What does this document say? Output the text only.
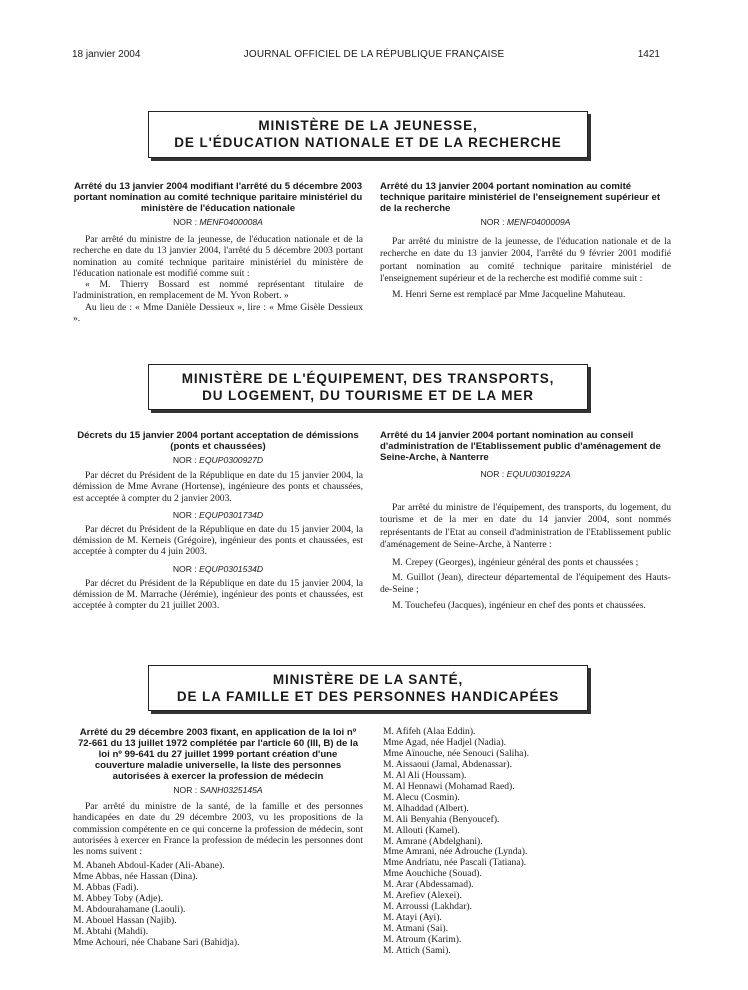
18 janvier 2004	JOURNAL OFFICIEL DE LA RÉPUBLIQUE FRANÇAISE	1421
MINISTÈRE DE LA JEUNESSE,
DE L'ÉDUCATION NATIONALE ET DE LA RECHERCHE
Arrêté du 13 janvier 2004 modifiant l'arrêté du 5 décembre 2003 portant nomination au comité technique paritaire ministériel du ministère de l'éducation nationale
NOR : MENF0400008A

Par arrêté du ministre de la jeunesse, de l'éducation nationale et de la recherche en date du 13 janvier 2004, l'arrêté du 5 décembre 2003 portant nomination au comité technique paritaire ministériel du ministère de l'éducation nationale est modifié comme suit :

« M. Thierry Bossard est nommé représentant titulaire de l'administration, en remplacement de M. Yvon Robert. »

Au lieu de : « Mme Danièle Dessieux », lire : « Mme Gisèle Dessieux ».

Arrêté du 13 janvier 2004 portant nomination au comité technique paritaire ministériel de l'enseignement supérieur et de la recherche
NOR : MENF0400009A

Par arrêté du ministre de la jeunesse, de l'éducation nationale et de la recherche en date du 13 janvier 2004, l'arrêté du 9 février 2001 modifié portant nomination au comité technique paritaire ministériel de l'enseignement supérieur et de la recherche est modifié comme suit :

M. Henri Serne est remplacé par Mme Jacqueline Mahuteau.

MINISTÈRE DE L'ÉQUIPEMENT, DES TRANSPORTS,
DU LOGEMENT, DU TOURISME ET DE LA MER
Décrets du 15 janvier 2004 portant acceptation de démissions (ponts et chaussées)
NOR : EQUP0300927D

Par décret du Président de la République en date du 15 janvier 2004, la démission de Mme Avrane (Hortense), ingénieure des ponts et chaussées, est acceptée à compter du 2 janvier 2003.

NOR : EQUP0301734D

Par décret du Président de la République en date du 15 janvier 2004, la démission de M. Kerneis (Grégoire), ingénieur des ponts et chaussées, est acceptée à compter du 4 juin 2003.

NOR : EQUP0301534D

Par décret du Président de la République en date du 15 janvier 2004, la démission de M. Marrache (Jérémie), ingénieur des ponts et chaussées, est acceptée à compter du 21 juillet 2003.

Arrêté du 14 janvier 2004 portant nomination au conseil d'administration de l'Etablissement public d'aménagement de Seine-Arche, à Nanterre
NOR : EQUU0301922A

Par arrêté du ministre de l'équipement, des transports, du logement, du tourisme et de la mer en date du 14 janvier 2004, sont nommés représentants de l'Etat au conseil d'administration de l'Etablissement public d'aménagement de Seine-Arche, à Nanterre :

M. Crepey (Georges), ingénieur général des ponts et chaussées ;

M. Guillot (Jean), directeur départemental de l'équipement des Hauts-de-Seine ;

M. Touchefeu (Jacques), ingénieur en chef des ponts et chaussées.

MINISTÈRE DE LA SANTÉ,
DE LA FAMILLE ET DES PERSONNES HANDICAPÉES
Arrêté du 29 décembre 2003 fixant, en application de la loi nº 72-661 du 13 juillet 1972 complétée par l'article 60 (III, B) de la loi nº 99-641 du 27 juillet 1999 portant création d'une couverture maladie universelle, la liste des personnes autorisées à exercer la profession de médecin
NOR : SANH0325145A

Par arrêté du ministre de la santé, de la famille et des personnes handicapées en date du 29 décembre 2003, vu les propositions de la commission compétente en ce qui concerne la profession de médecin, sont autorisées à exercer en France la profession de médecin les personnes dont les noms suivent :

M. Abaneh Abdoul-Kader (Ali-Abane).

Mme Abbas, née Hassan (Dina).

M. Abbas (Fadi).

M. Abbey Toby (Adje).

M. Abdourahamane (Laouli).

M. Abouel Hassan (Najib).

M. Abtahi (Mahdi).

Mme Achouri, née Chabane Sari (Bahidja).

M. Afifeh (Alaa Eddin).

Mme Agad, née Hadjel (Nadia).

Mme Aïnouche, née Senouci (Saliha).

M. Aissaoui (Jamal, Abdenassar).

M. Al Ali (Houssam).

M. Al Hennawi (Mohamad Raed).

M. Alecu (Cosmin).

M. Alhaddad (Albert).

M. Ali Benyahia (Benyoucef).

M. Allouti (Kamel).

M. Amrane (Abdelghani).

Mme Amrani, née Adrouche (Lynda).

Mme Andriatu, née Pascali (Tatiana).

Mme Aouchiche (Souad).

M. Arar (Abdessamad).

M. Arefiev (Alexei).

M. Arroussi (Lakhdar).

M. Atayi (Ayi).

M. Atmani (Sai).

M. Atroum (Karim).

M. Attich (Sami).
